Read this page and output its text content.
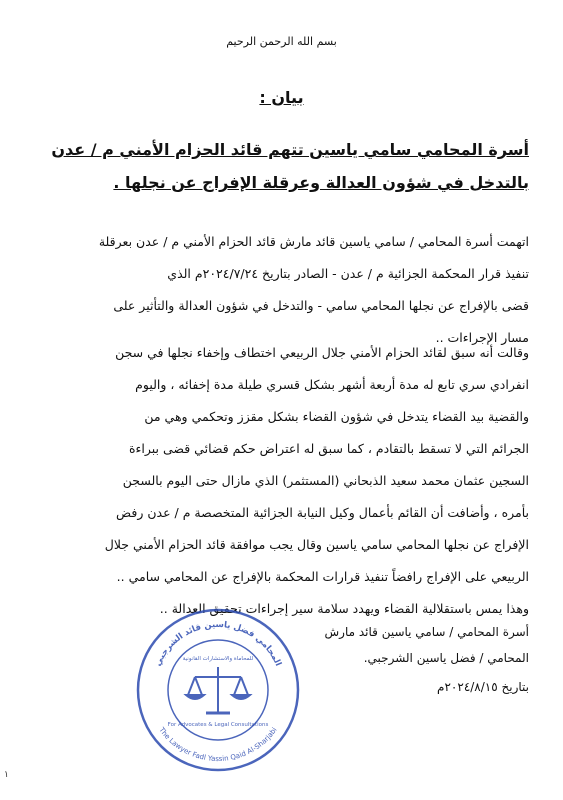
بسم الله الرحمن الرحيم
بيان :
أسرة المحامي سامي ياسين تتهم قائد الحزام الأمني م / عدن
بالتدخل في شؤون العدالة وعرقلة الإفراج عن نجلها .
اتهمت أسرة المحامي / سامي ياسين قائد مارش قائد الحزام الأمني م / عدن بعرقلة
تنفيذ قرار المحكمة الجزائية م / عدن - الصادر بتاريخ ٢٠٢٤/٧/٢٤م الذي
قضى بالإفراج عن نجلها المحامي سامي - والتدخل في شؤون العدالة والتأثير على
مسار الإجراءات ..
وقالت أنه سبق لقائد الحزام الأمني جلال الربيعي اختطاف وإخفاء نجلها في سجن
انفرادي سري تابع له مدة أربعة أشهر بشكل قسري طيلة مدة إخفائه ، واليوم
والقضية بيد القضاء يتدخل في شؤون القضاء بشكل مقزز وتحكمي وهي من
الجرائم التي لا تسقط بالتقادم ، كما سبق له اعتراض حكم قضائي قضى ببراءة
السجين عثمان محمد سعيد الذبحاني (المستثمر) الذي مازال حتى اليوم بالسجن
بأمره ، وأضافت أن القائم بأعمال وكيل النيابة الجزائية المتخصصة م / عدن رفض
الإفراج عن نجلها المحامي سامي ياسين وقال يجب موافقة قائد الحزام الأمني جلال
الربيعي على الإفراج رافضاً تنفيذ قرارات المحكمة بالإفراج عن المحامي سامي ..
وهذا يمس باستقلالية القضاء ويهدد سلامة سير إجراءات تحقيق العدالة ..
أسرة المحامي / سامي ياسين قائد مارش
المحامي / فضل ياسين الشرجبي.
بتاريخ ٢٠٢٤/٨/١٥م
المحامي فضل ياسين قائد الشرجبي
The Lawyer Fadl Yassin Qaid Al-Sharjabi
For Advocates & Legal Consultations
للمحاماة والاستشارات القانونية
١
